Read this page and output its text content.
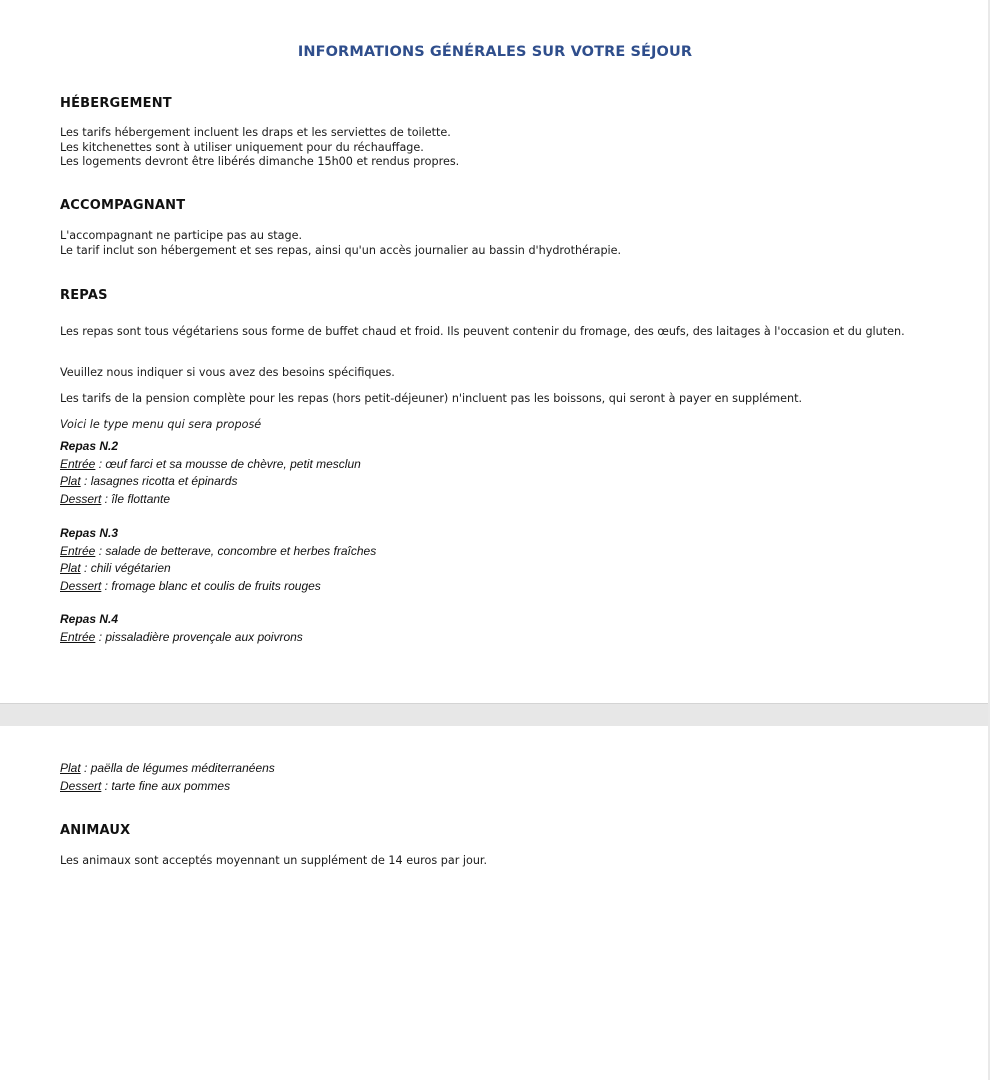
INFORMATIONS GÉNÉRALES SUR VOTRE SÉJOUR
HÉBERGEMENT
Les tarifs hébergement incluent les draps et les serviettes de toilette.
Les kitchenettes sont à utiliser uniquement pour du réchauffage.
Les logements devront être libérés dimanche 15h00 et rendus propres.
ACCOMPAGNANT
L'accompagnant ne participe pas au stage.
Le tarif inclut son hébergement et ses repas, ainsi qu'un accès journalier au bassin d'hydrothérapie.
REPAS

Les repas sont tous végétariens sous forme de buffet chaud et froid. Ils peuvent contenir du fromage, des œufs, des laitages à l'occasion et du gluten.

Veuillez nous indiquer si vous avez des besoins spécifiques.

Les tarifs de la pension complète pour les repas (hors petit-déjeuner) n'incluent pas les boissons, qui seront à payer en supplément.

Voici le type menu qui sera proposé

Repas N.2
Entrée : œuf farci et sa mousse de chèvre, petit mesclun
Plat : lasagnes ricotta et épinards
Dessert : île flottante
Repas N.3
Entrée : salade de betterave, concombre et herbes fraîches
Plat : chili végétarien
Dessert : fromage blanc et coulis de fruits rouges
Repas N.4
Entrée : pissaladière provençale aux poivrons
Plat : paëlla de légumes méditerranéens
Dessert : tarte fine aux pommes
ANIMAUX

Les animaux sont acceptés moyennant un supplément de 14 euros par jour.
